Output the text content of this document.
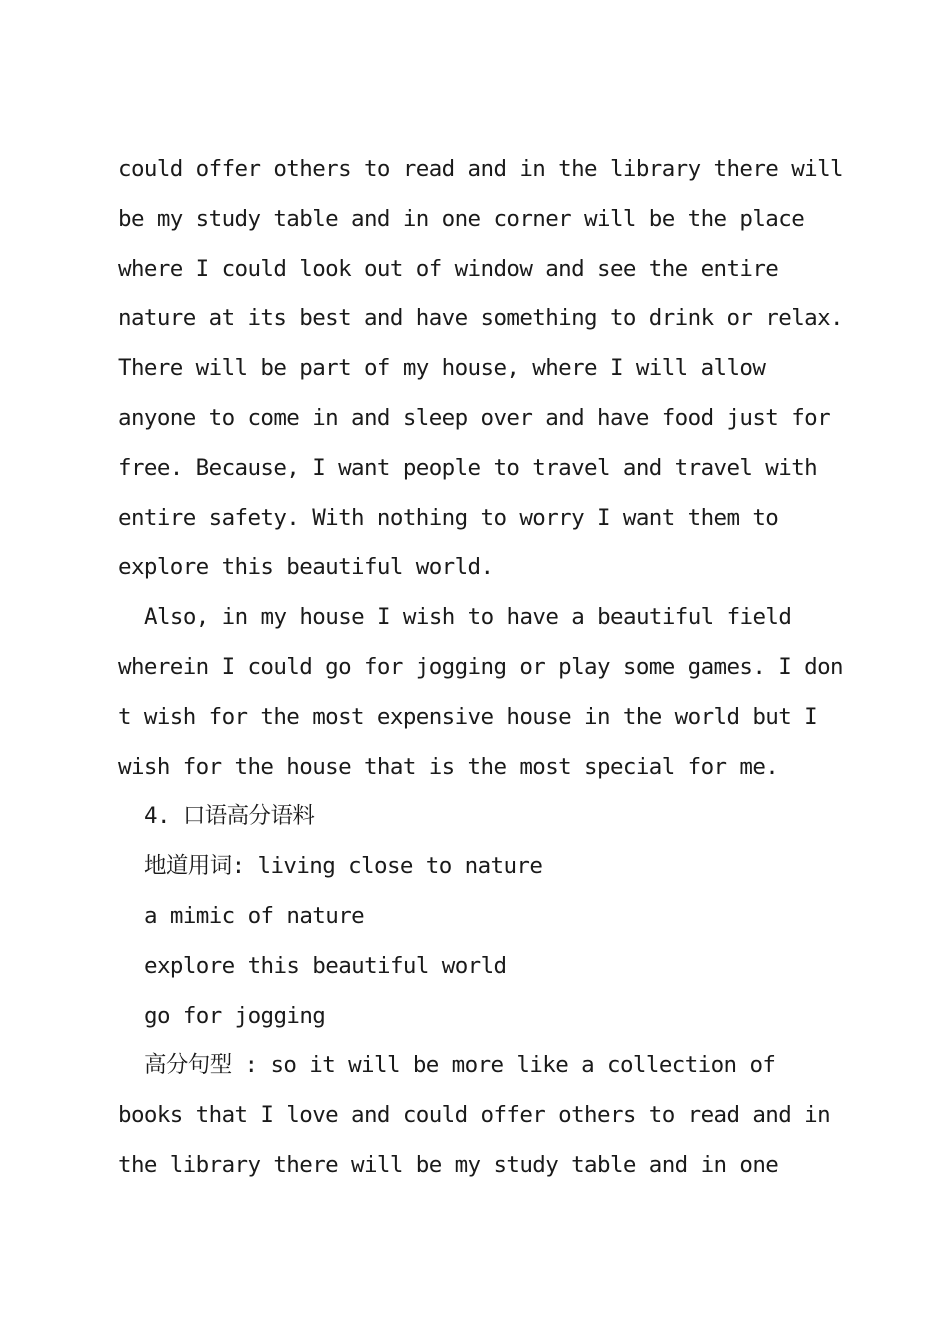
could offer others to read and in the library there will
be my study table and in one corner will be the place
where I could look out of window and see the entire
nature at its best and have something to drink or relax.
There will be part of my house, where I will allow
anyone to come in and sleep over and have food just for
free. Because, I want people to travel and travel with
entire safety. With nothing to worry I want them to
explore this beautiful world.
Also, in my house I wish to have a beautiful field
wherein I could go for jogging or play some games. I don
t wish for the most expensive house in the world but I
wish for the house that is the most special for me.
4. 口语高分语料
地道用词: living close to nature
a mimic of nature
explore this beautiful world
go for jogging
高分句型 : so it will be more like a collection of
books that I love and could offer others to read and in
the library there will be my study table and in one
